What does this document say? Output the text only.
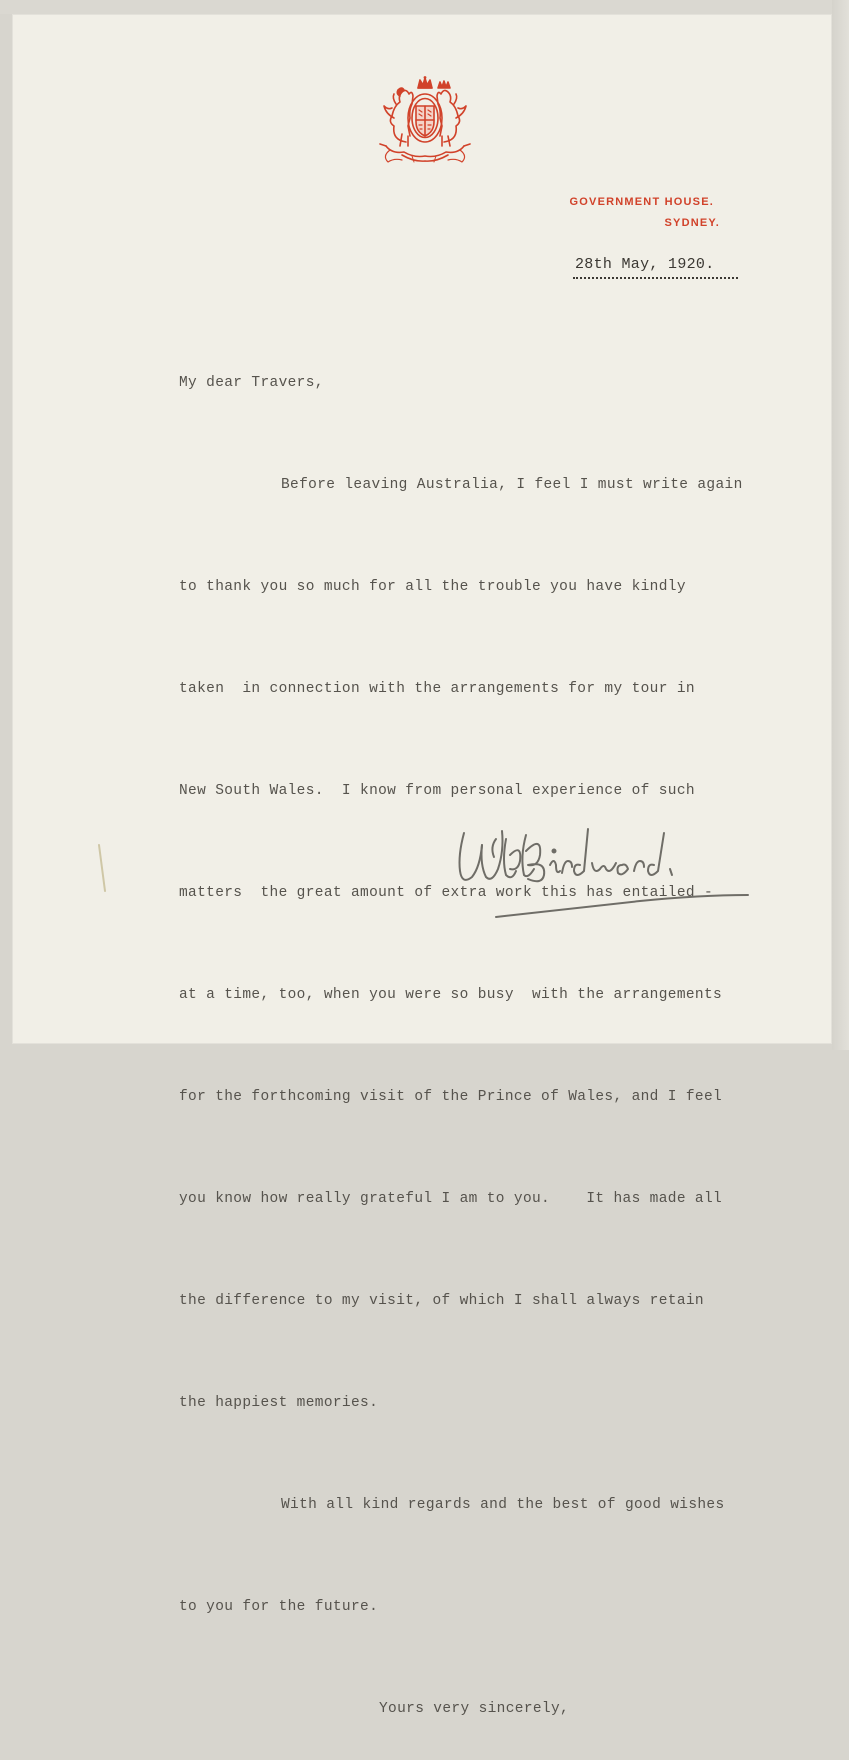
GOVERNMENT HOUSE.
SYDNEY.
28th May, 1920.

My dear Travers,

Before leaving Australia, I feel I must write again

to thank you so much for all the trouble you have kindly

taken  in connection with the arrangements for my tour in

New South Wales.  I know from personal experience of such

matters  the great amount of extra work this has entailed -

at a time, too, when you were so busy  with the arrangements

for the forthcoming visit of the Prince of Wales, and I feel

you know how really grateful I am to you.    It has made all

the difference to my visit, of which I shall always retain

the happiest memories.

With all kind regards and the best of good wishes

to you for the future.

Yours very sincerely,
